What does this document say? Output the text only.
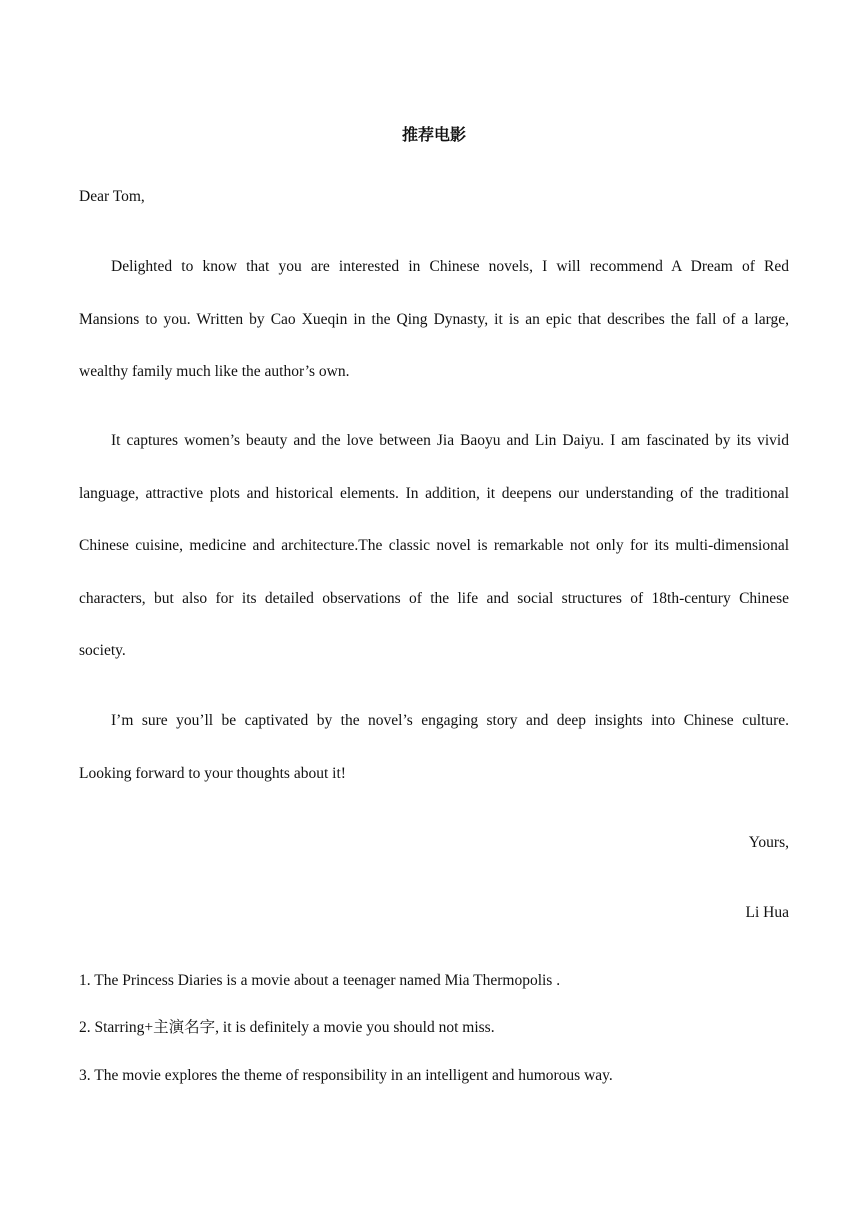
推荐电影
Dear Tom,
Delighted to know that you are interested in Chinese novels, I will recommend A Dream of Red
Mansions to you. Written by Cao Xueqin in the Qing Dynasty, it is an epic that describes the fall of a large,
wealthy family much like the author’s own.
It captures women’s beauty and the love between Jia Baoyu and Lin Daiyu. I am fascinated by its vivid
language, attractive plots and historical elements. In addition, it deepens our understanding of the traditional
Chinese cuisine, medicine and architecture.The classic novel is remarkable not only for its multi-dimensional
characters, but also for its detailed observations of the life and social structures of 18th-century Chinese
society.
I’m sure you’ll be captivated by the novel’s engaging story and deep insights into Chinese culture.
Looking forward to your thoughts about it!
Yours,
Li Hua
1. The Princess Diaries is a movie about a teenager named Mia Thermopolis .
2. Starring+主演名字, it is definitely a movie you should not miss.
3. The movie explores the theme of responsibility in an intelligent and humorous way.
